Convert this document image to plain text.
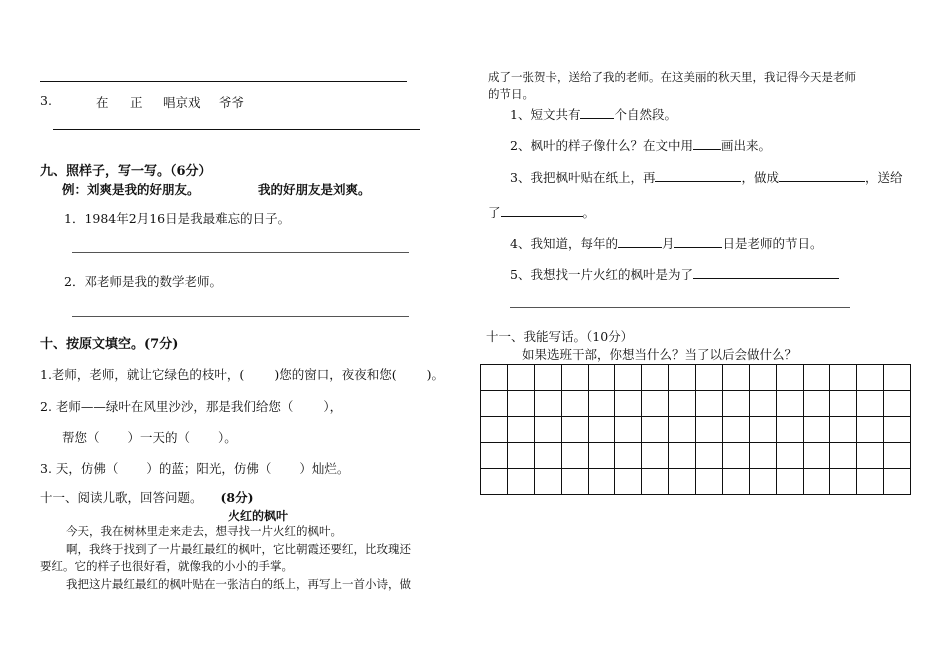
3.	在 正 唱京戏 爷爷
九、照样子，写一写。（6分）
例：刘爽是我的好朋友。	我的好朋友是刘爽。
1．1984年2月16日是我最难忘的日子。
2．邓老师是我的数学老师。
十、按原文填空。(7分)
1.老师，老师，就让它绿色的枝叶，( )您的窗口，夜夜和您( )。
2. 老师——绿叶在风里沙沙，那是我们给您（ ），
帮您（ ）一天的（ ）。
3. 天，仿佛（ ）的蓝；阳光，仿佛（ ）灿烂。
十一、阅读儿歌，回答问题。 (8分)
火红的枫叶
今天，我在树林里走来走去，想寻找一片火红的枫叶。
啊，我终于找到了一片最红最红的枫叶，它比朝霞还要红，比玫瑰还
要红。它的样子也很好看，就像我的小小的手掌。
我把这片最红最红的枫叶贴在一张洁白的纸上，再写上一首小诗，做
成了一张贺卡，送给了我的老师。在这美丽的秋天里，我记得今天是老师
的节日。
1、短文共有	个自然段。
2、枫叶的样子像什么？在文中用 画出来。
3、我把枫叶贴在纸上，再	，做成	，送给
了	。
4、我知道，每年的	月	日是老师的节日。
5、我想找一片火红的枫叶是为了
十一、我能写话。（10分）
如果选班干部，你想当什么？当了以后会做什么？
